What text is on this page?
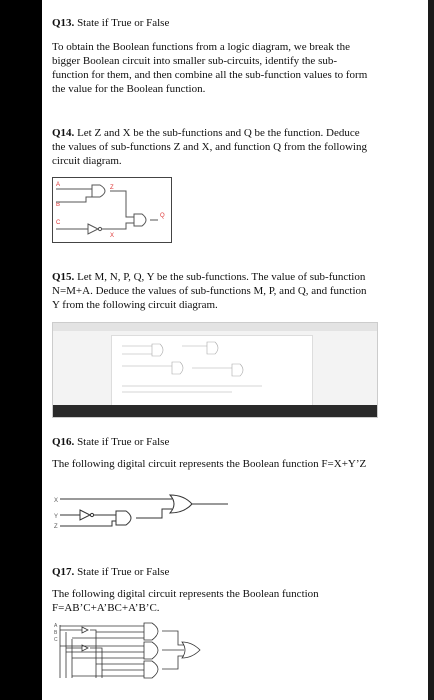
Q13. State if True or False
To obtain the Boolean functions from a logic diagram, we break the bigger Boolean circuit into smaller sub-circuits, identify the sub-function for them, and then combine all the sub-function values to form the value for the Boolean function.
Q14. Let Z and X be the sub-functions and Q be the function. Deduce the values of sub-functions Z and X, and function Q from the following circuit diagram.
A
B
C
Z
X
Q
Q15. Let M, N, P, Q, Y be the sub-functions. The value of sub-function N=M+A. Deduce the values of sub-functions M, P, and Q, and function Y from the following circuit diagram.
Q16. State if True or False
The following digital circuit represents the Boolean function F=X+Y’Z
X
Y
Z
Q17. State if True or False
The following digital circuit represents the Boolean function F=AB’C+A’BC+A’B’C.
A
B
C
